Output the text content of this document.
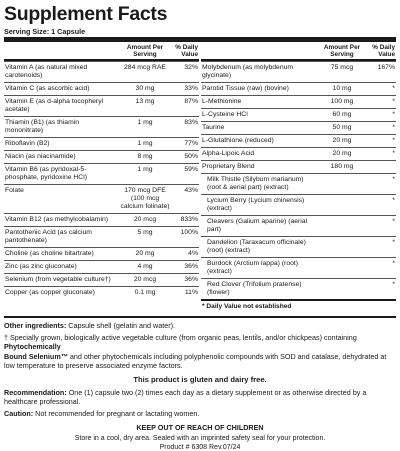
Supplement Facts
Serving Size: 1 Capsule
	Amount Per Serving	% Daily Value

Vitamin A (as natural mixed carotenoids)	284 mcg RAE	32%
Vitamin C (as ascorbic acid)	30 mg	33%
Vitamin E (as d-alpha tocopheryl acetate)	13 mg	87%
Thiamin (B1) (as thiamin mononitrate)	1 mg	83%
Riboflavin (B2)	1 mg	77%
Niacin (as niacinamide)	8 mg	50%
Vitamin B6 (as pyridoxal-5-phosphate, pyridoxine HCl)	1 mg	59%
Folate	170 mcg DFE (100 mcg calcium folinate)	43%
Vitamin B12 (as methylcobalamin)	20 mcg	833%
Pantothenic Acid (as calcium pantothenate)	5 mg	100%
Choline (as choline bitartrate)	20 mg	4%
Zinc (as zinc gluconate)	4 mg	36%
Selenium (from vegetable culture†)	20 mcg	36%
Copper (as copper gluconate)	0.1 mg	11%
	Amount Per Serving	% Daily Value

Molybdenum (as molybdenum glycinate)	75 mcg	167%
Parotid Tissue (raw) (bovine)	10 mg	*
L-Methionine	100 mg	*
L-Cysteine HCl	60 mg	*
Taurine	50 mg	*
L-Glutathione (reduced)	20 mg	*
Alpha-Lipoic Acid	20 mg	*
Proprietary Blend	180 mg	
Milk Thistle (Silybum marianum) (root & aerial part) (extract)		*
Lycium Berry (Lycium chinensis) (extract)		*
Cleavers (Galium aparine) (aerial part)		*
Dandelion (Taraxacum officinale) (root) (extract)		*
Burdock (Arctium lappa) (root) (extract)		*
Red Clover (Trifolium pratense) (flower)		*
* Daily Value not established		

Other ingredients: Capsule shell (gelatin and water).

† Specially grown, biologically active vegetable culture (from organic peas, lentils, and/or chickpeas) containing
Phytochemically
Bound Selenium™ and other phytochemicals including polyphenolic compounds with SOD and catalase, dehydrated at low temperature to preserve associated enzyme factors.

This product is gluten and dairy free.

Recommendation: One (1) capsule two (2) times each day as a dietary supplement or as otherwise directed by a healthcare professional.

Caution: Not recommended for pregnant or lactating women.

KEEP OUT OF REACH OF CHILDREN
Store in a cool, dry area. Sealed with an imprinted safety seal for your protection.
Product # 6308 Rev.07/24
